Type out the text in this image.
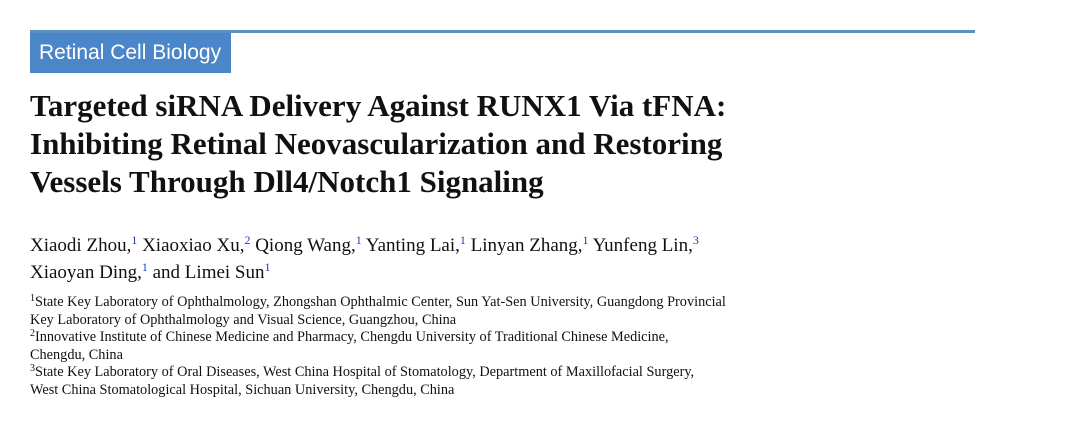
Retinal Cell Biology
Targeted siRNA Delivery Against RUNX1 Via tFNA:
Inhibiting Retinal Neovascularization and Restoring
Vessels Through Dll4/Notch1 Signaling
Xiaodi Zhou,$^1$ Xiaoxiao Xu,$^2$ Qiong Wang,$^1$ Yanting Lai,$^1$ Linyan Zhang,$^1$ Yunfeng Lin,$^3$
Xiaoyan Ding,$^1$ and Limei Sun$^1$
$^1$State Key Laboratory of Ophthalmology, Zhongshan Ophthalmic Center, Sun Yat-Sen University, Guangdong Provincial
Key Laboratory of Ophthalmology and Visual Science, Guangzhou, China
$^2$Innovative Institute of Chinese Medicine and Pharmacy, Chengdu University of Traditional Chinese Medicine,
Chengdu, China
$^3$State Key Laboratory of Oral Diseases, West China Hospital of Stomatology, Department of Maxillofacial Surgery,
West China Stomatological Hospital, Sichuan University, Chengdu, China
